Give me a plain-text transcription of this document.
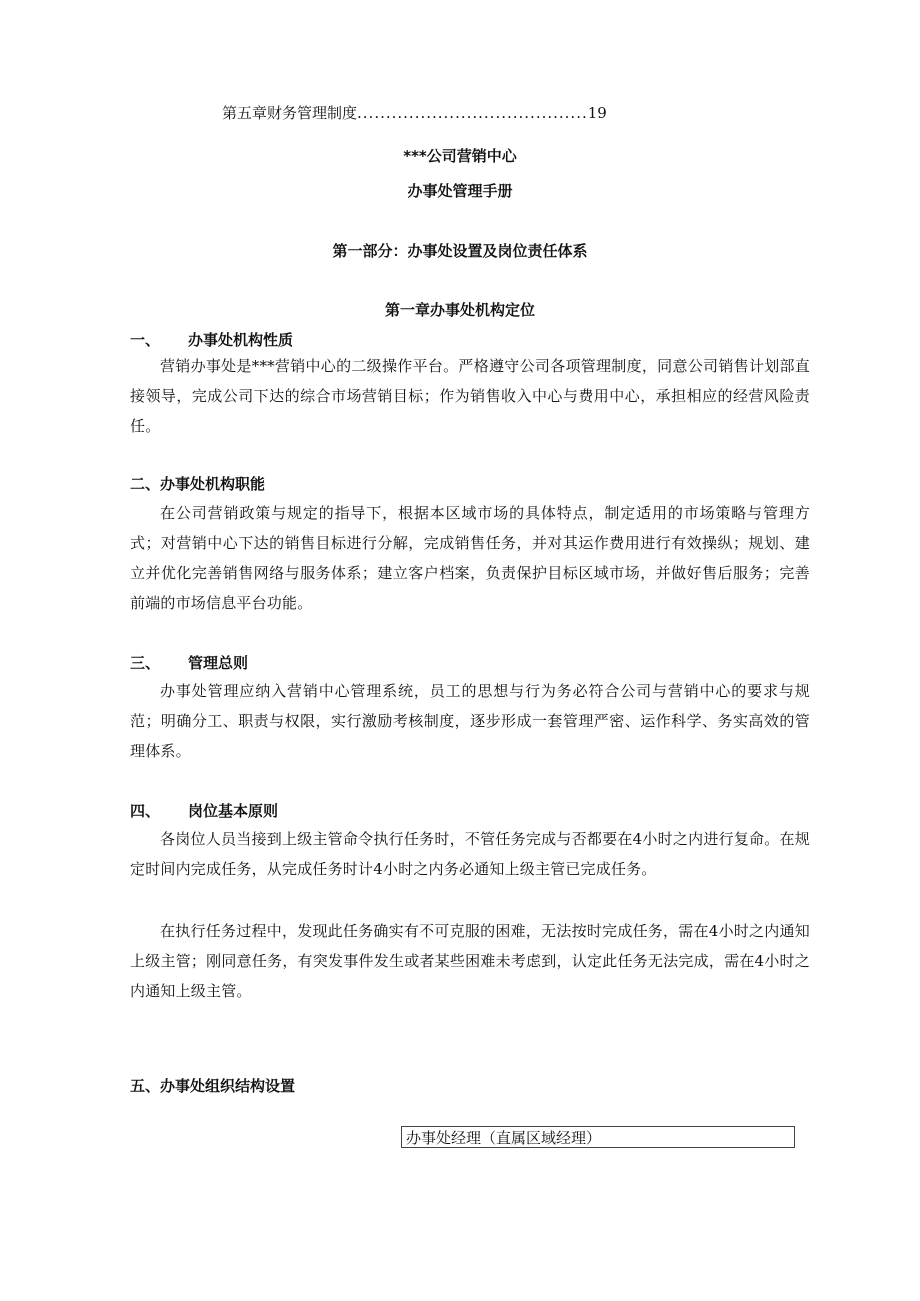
第五章财务管理制度........................................19
***公司营销中心
办事处管理手册
第一部分：办事处设置及岗位责任体系
第一章办事处机构定位
一、 办事处机构性质
营销办事处是***营销中心的二级操作平台。严格遵守公司各项管理制度，同意公司销售计划部直接领导，完成公司下达的综合市场营销目标；作为销售收入中心与费用中心，承担相应的经营风险责任。
二、办事处机构职能
在公司营销政策与规定的指导下，根据本区域市场的具体特点，制定适用的市场策略与管理方式；对营销中心下达的销售目标进行分解，完成销售任务，并对其运作费用进行有效操纵；规划、建立并优化完善销售网络与服务体系；建立客户档案，负责保护目标区域市场，并做好售后服务；完善前端的市场信息平台功能。
三、 管理总则
办事处管理应纳入营销中心管理系统，员工的思想与行为务必符合公司与营销中心的要求与规范；明确分工、职责与权限，实行激励考核制度，逐步形成一套管理严密、运作科学、务实高效的管理体系。
四、 岗位基本原则
各岗位人员当接到上级主管命令执行任务时，不管任务完成与否都要在4小时之内进行复命。在规定时间内完成任务，从完成任务时计4小时之内务必通知上级主管已完成任务。
在执行任务过程中，发现此任务确实有不可克服的困难，无法按时完成任务，需在4小时之内通知上级主管；刚同意任务，有突发事件发生或者某些困难未考虑到，认定此任务无法完成，需在4小时之内通知上级主管。
五、办事处组织结构设置
办事处经理（直属区域经理）
